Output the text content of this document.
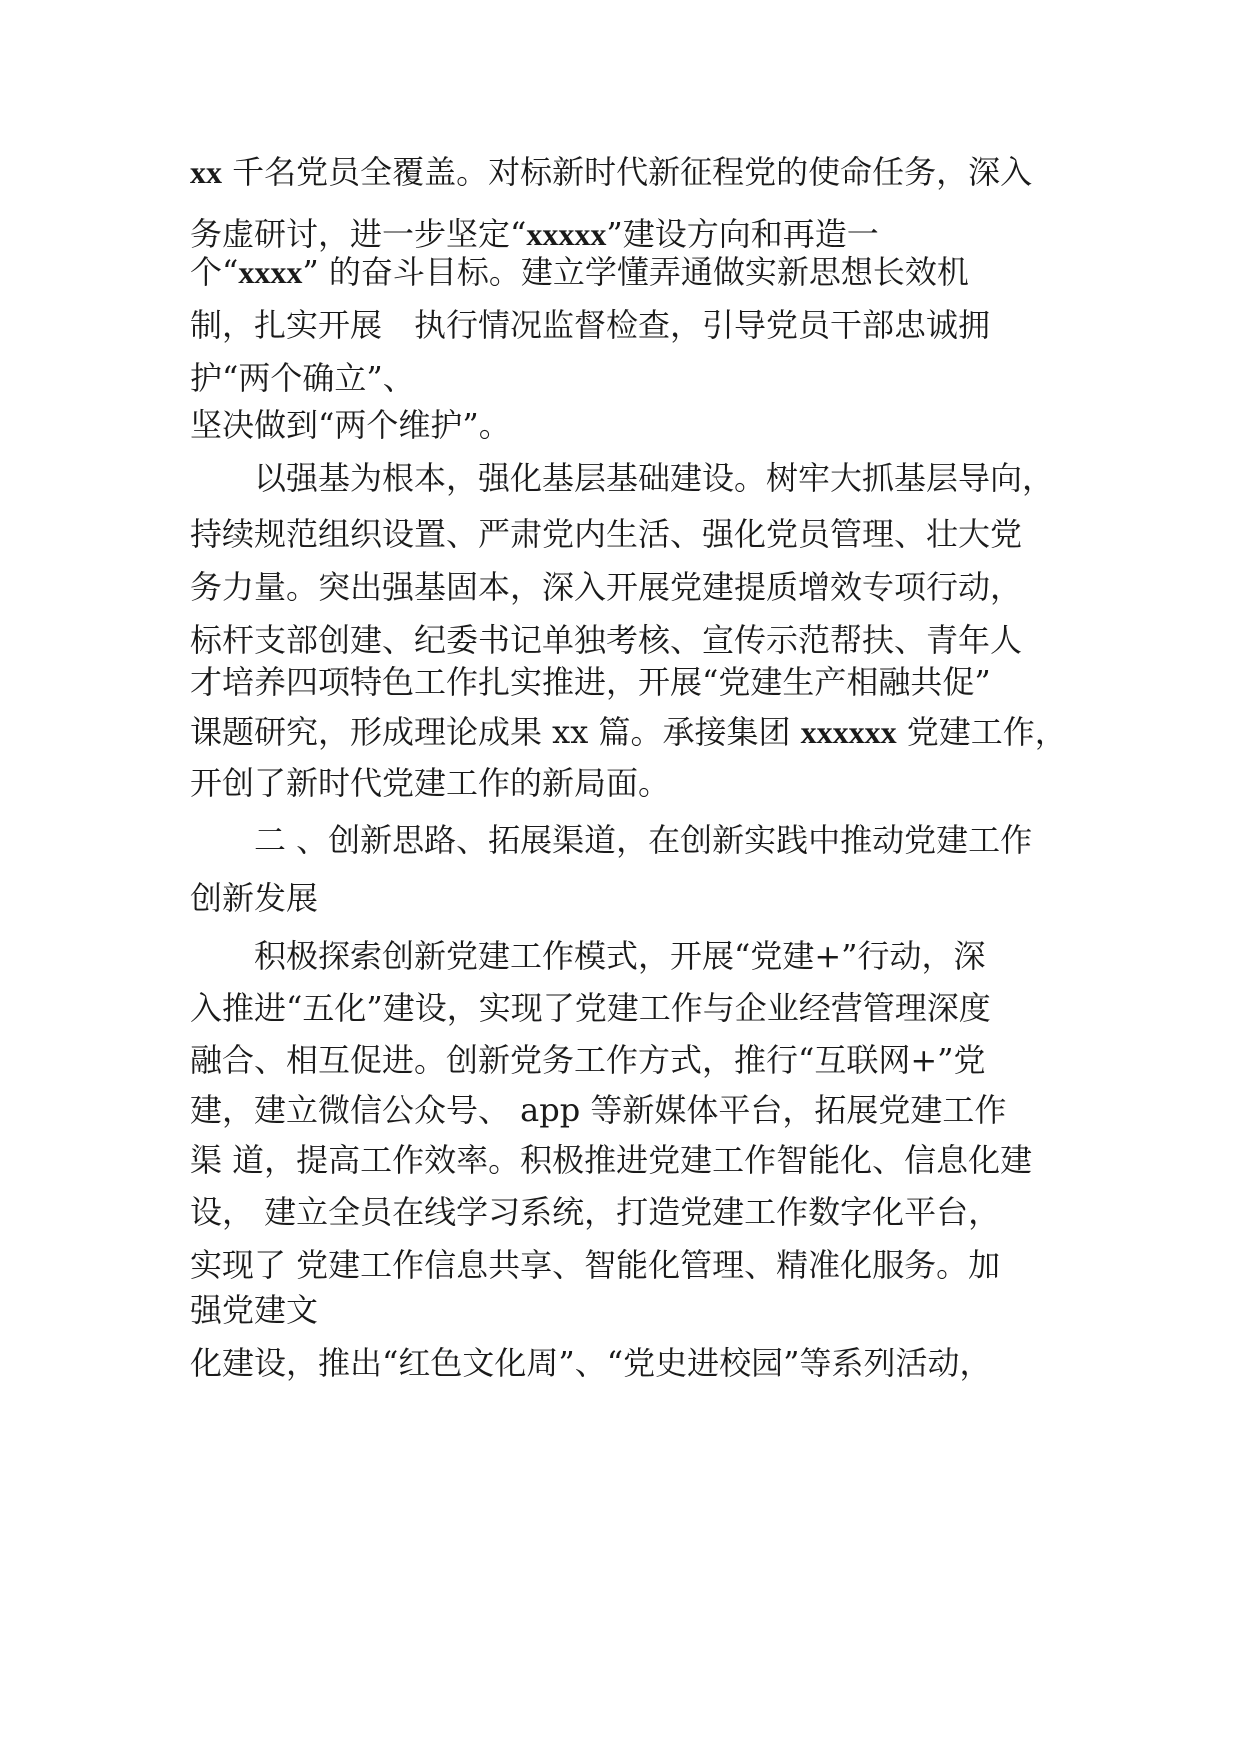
xx 千名党员全覆盖。对标新时代新征程党的使命任务，深入
务虚研讨，进一步坚定“xxxxx”建设方向和再造一
个“xxxx” 的奋斗目标。建立学懂弄通做实新思想长效机
制，扎实开展　执行情况监督检查，引导党员干部忠诚拥
护“两个确立”、
坚决做到“两个维护”。
　　以强基为根本，强化基层基础建设。树牢大抓基层导向，
持续规范组织设置、严肃党内生活、强化党员管理、壮大党
务力量。突出强基固本，深入开展党建提质增效专项行动，
标杆支部创建、纪委书记单独考核、宣传示范帮扶、青年人
才培养四项特色工作扎实推进，开展“党建生产相融共促”
课题研究，形成理论成果 xx 篇。承接集团 xxxxxx 党建工作，
开创了新时代党建工作的新局面。
　　二 、创新思路、拓展渠道，在创新实践中推动党建工作
创新发展
　　积极探索创新党建工作模式，开展“党建+”行动，深
入推进“五化”建设，实现了党建工作与企业经营管理深度
融合、相互促进。创新党务工作方式，推行“互联网+”党
建，建立微信公众号、 app 等新媒体平台，拓展党建工作
渠 道，提高工作效率。积极推进党建工作智能化、信息化建
设， 建立全员在线学习系统，打造党建工作数字化平台，
实现了 党建工作信息共享、智能化管理、精准化服务。加
强党建文
化建设，推出“红色文化周”、“党史进校园”等系列活动，
